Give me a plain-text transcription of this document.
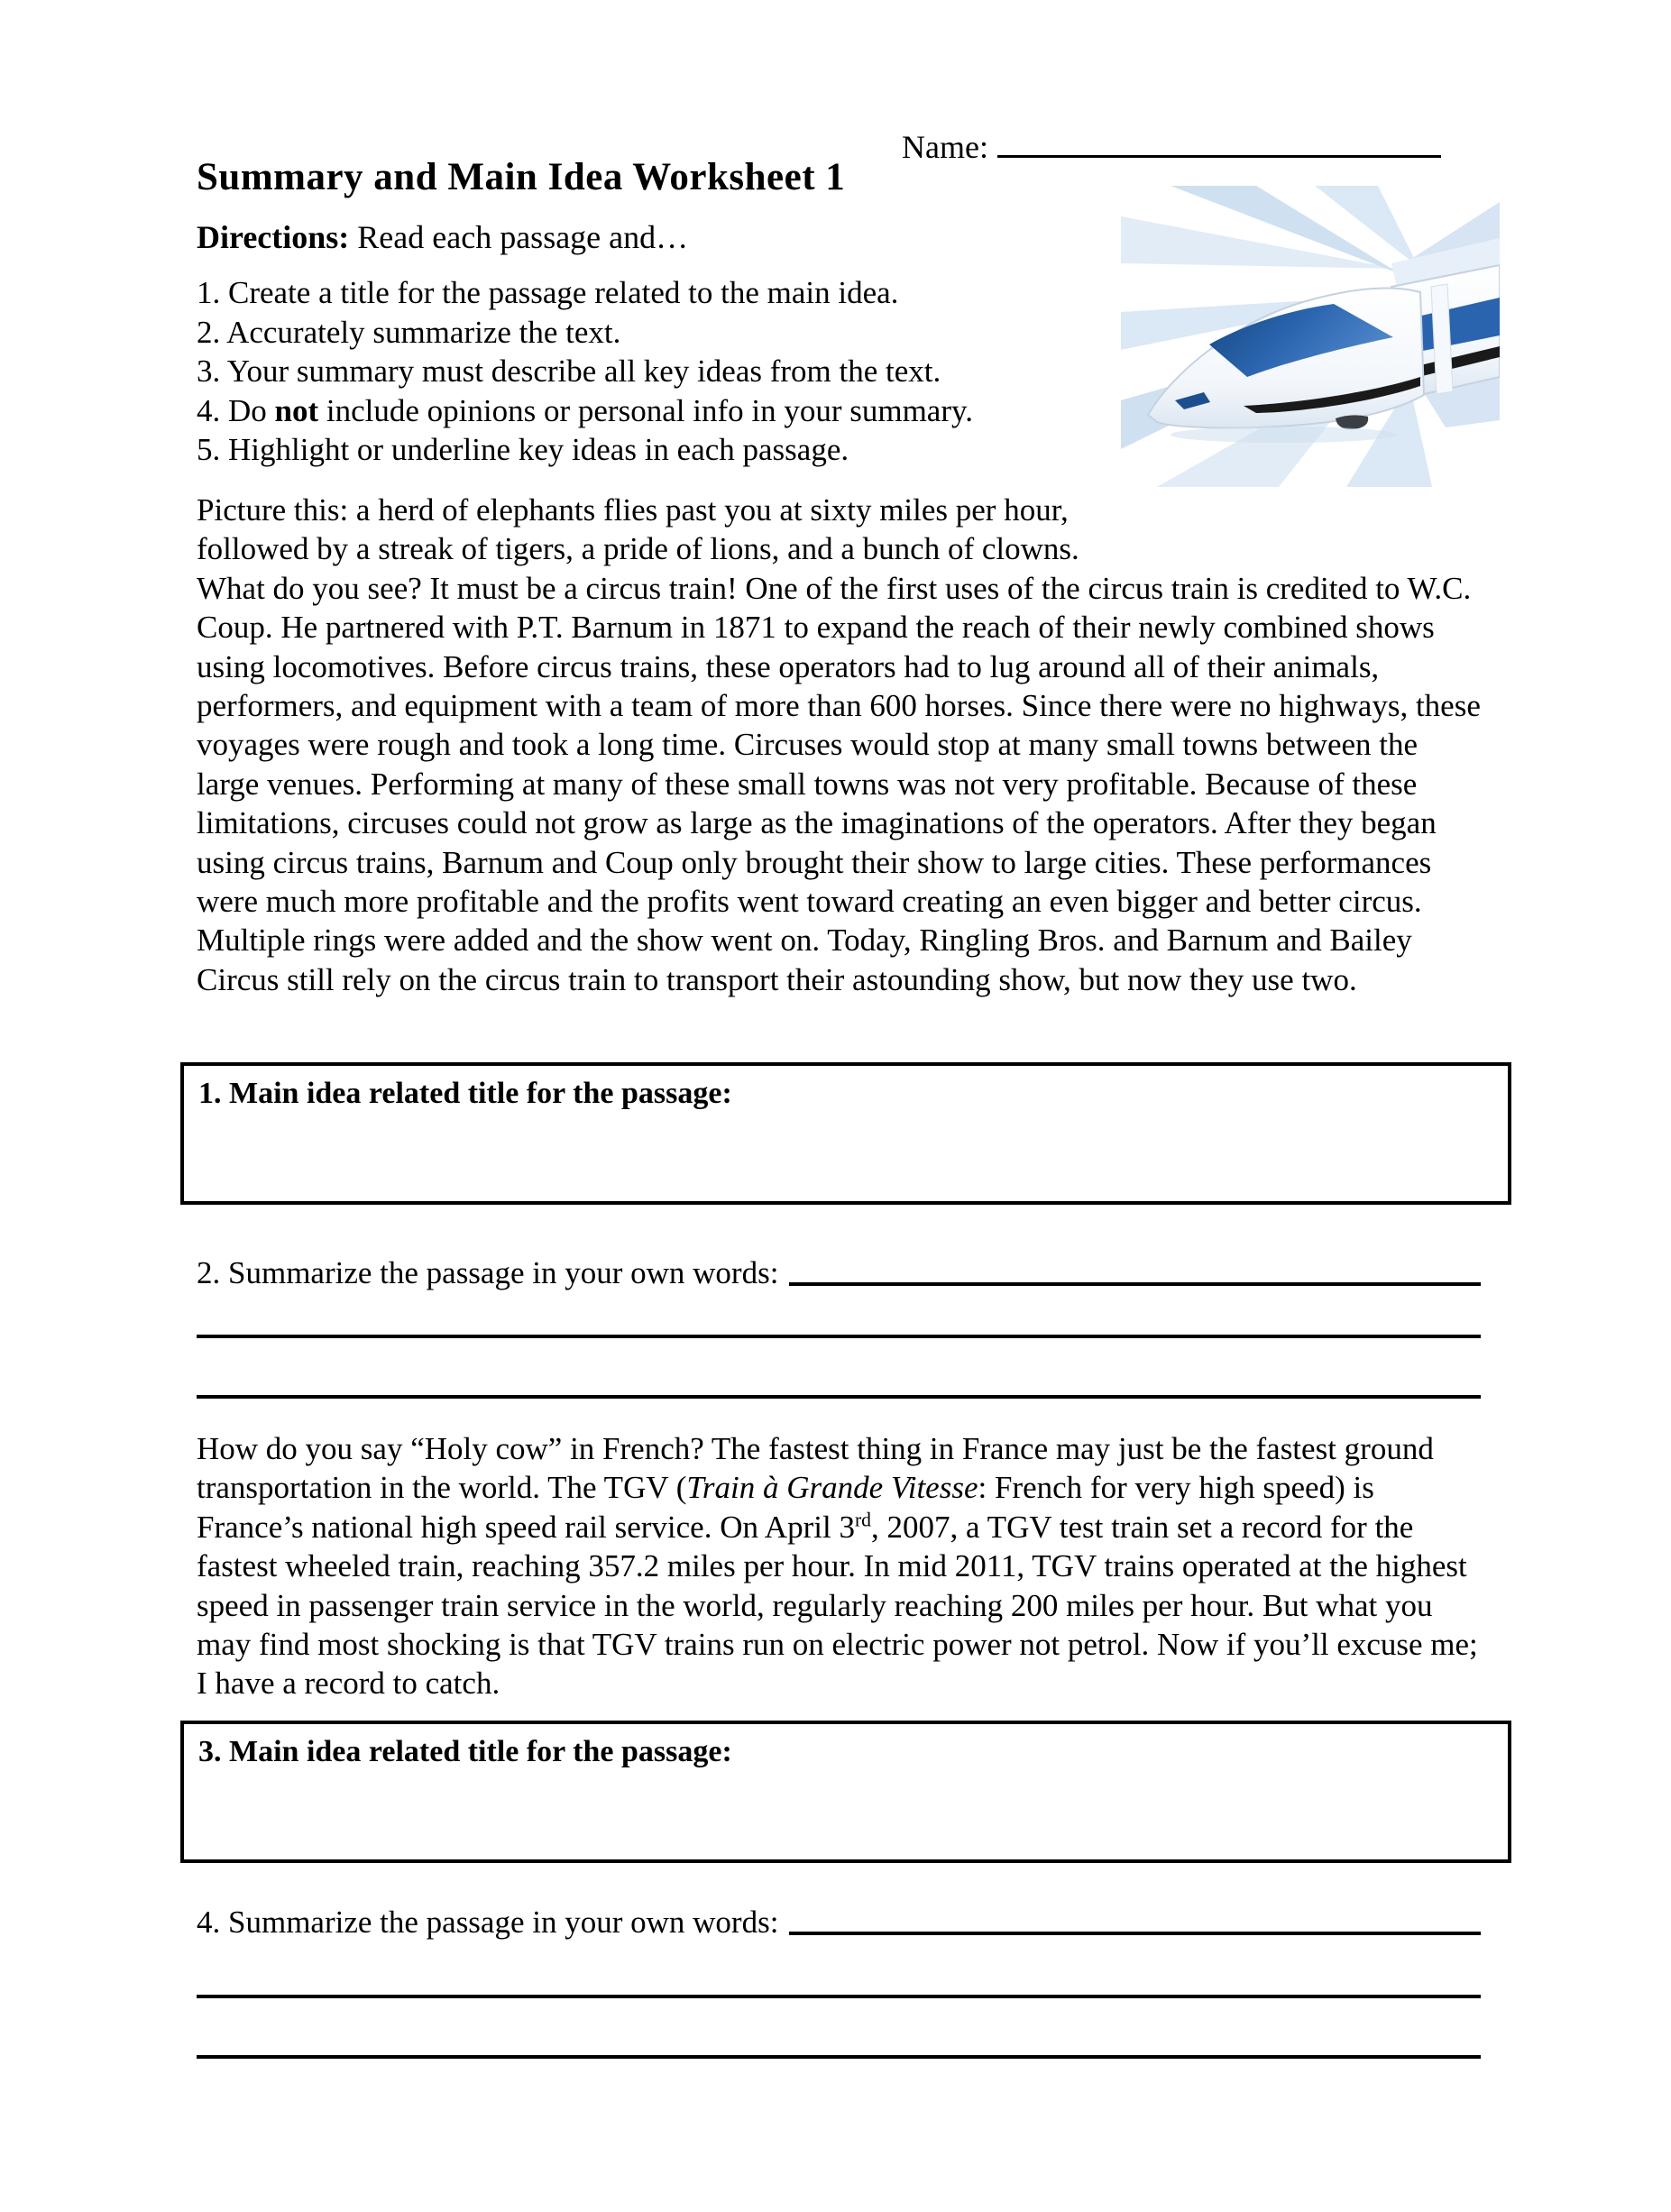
Name:
Summary and Main Idea Worksheet 1
Directions: Read each passage and…
1. Create a title for the passage related to the main idea.
2. Accurately summarize the text.
3. Your summary must describe all key ideas from the text.
4. Do not include opinions or personal info in your summary.
5. Highlight or underline key ideas in each passage.
Picture this: a herd of elephants flies past you at sixty miles per hour, followed by a streak of tigers, a pride of lions, and a bunch of clowns. What do you see? It must be a circus train! One of the first uses of the circus train is credited to W.C. Coup. He partnered with P.T. Barnum in 1871 to expand the reach of their newly combined shows using locomotives. Before circus trains, these operators had to lug around all of their animals, performers, and equipment with a team of more than 600 horses. Since there were no highways, these voyages were rough and took a long time. Circuses would stop at many small towns between the large venues. Performing at many of these small towns was not very profitable. Because of these limitations, circuses could not grow as large as the imaginations of the operators. After they began using circus trains, Barnum and Coup only brought their show to large cities. These performances were much more profitable and the profits went toward creating an even bigger and better circus. Multiple rings were added and the show went on. Today, Ringling Bros. and Barnum and Bailey Circus still rely on the circus train to transport their astounding show, but now they use two.
1. Main idea related title for the passage:
2. Summarize the passage in your own words:
How do you say “Holy cow” in French? The fastest thing in France may just be the fastest ground transportation in the world. The TGV (Train à Grande Vitesse: French for very high speed) is France’s national high speed rail service. On April 3rd, 2007, a TGV test train set a record for the fastest wheeled train, reaching 357.2 miles per hour. In mid 2011, TGV trains operated at the highest speed in passenger train service in the world, regularly reaching 200 miles per hour. But what you may find most shocking is that TGV trains run on electric power not petrol. Now if you’ll excuse me; I have a record to catch.
3. Main idea related title for the passage:
4. Summarize the passage in your own words:
